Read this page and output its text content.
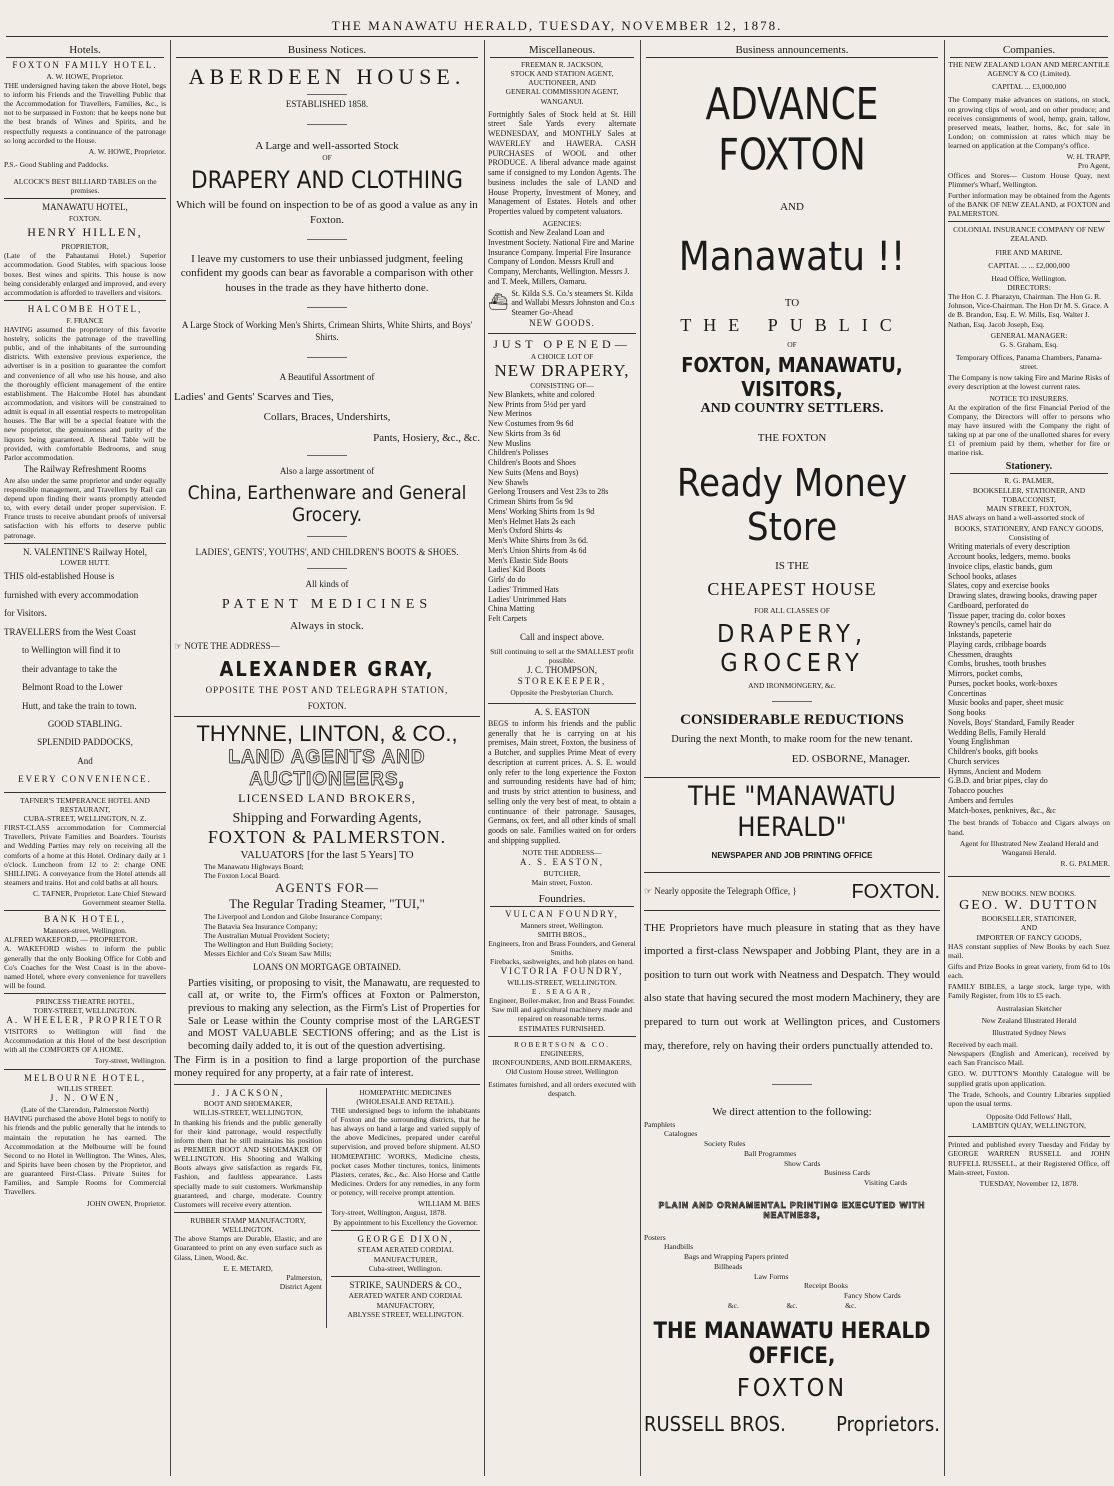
THE MANAWATU HERALD, TUESDAY, NOVEMBER 12, 1878.
Hotels.
FOXTON FAMILY HOTEL.
A. W. HOWE, Proprietor.

THE undersigned having taken the above Hotel, begs to inform his Friends and the Travelling Public that the Accommodation for Travellers, Families, &c., is not to be surpassed in Foxton: that he keeps none but the best brands of Wines and Spirits, and he respectfully requests a continuance of the patronage so long accorded to the House.

A. W. HOWE, Proprietor.
P.S.- Good Stabling and Paddocks.
ALCOCK'S BEST BILLIARD TABLES on the premises.
MANAWATU HOTEL,
FOXTON.
HENRY HILLEN,
PROPRIETOR,

(Late of the Pahautanui Hotel.) Superior accommodation. Good Stables, with spacious loose boxes. Best wines and spirits. This house is now being considerably enlarged and improved, and every accommodation is afforded to travellers and visitors.

HALCOMBE HOTEL,
F. FRANCE

HAVING assumed the proprietory of this favorite hostelry, solicits the patronage of the travelling public, and of the inhabitants of the surrounding districts. With extensive previous experience, the advertiser is in a position to guarantee the comfort and convenience of all who use his house, and also the thoroughly efficient management of the entire establishment. The Halcombe Hotel has abundant accommodation, and visitors will be constrained to admit is equal in all essential respects to metropolitan houses. The Bar will be a special feature with the new proprietor, the genuineness and purity of the liquors being guaranteed. A liberal Table will be provided, with comfortable Bedrooms, and snug Parlor accommodation.

The Railway Refreshment Rooms

Are also under the same proprietor and under equally responsible management, and Travellers by Rail can depend upon finding their wants promptly attended to, with every detail under proper supervision. F. France trusts to receive abundant proofs of universal satisfaction with his efforts to deserve public patronage.

N. VALENTINE'S Railway Hotel,
LOWER HUTT.
THIS old-established House is
furnished with every accommodation
for Visitors.
TRAVELLERS from the West Coast
to Wellington will find it to
their advantage to take the
Belmont Road to the Lower
Hutt, and take the train to town.
GOOD STABLING.
SPLENDID PADDOCKS,
And
EVERY CONVENIENCE.
TAFNER'S TEMPERANCE HOTEL AND RESTAURANT,
CUBA-STREET, WELLINGTON, N. Z.

FIRST-CLASS accommodation for Commercial Travellers, Private Families and Boarders. Tourists and Wedding Parties may rely on receiving all the comforts of a home at this Hotel. Ordinary daily at 1 o'clock. Luncheon from 12 to 2: charge ONE SHILLING. A conveyance from the Hotel attends all steamers and trains. Hot and cold baths at all hours.

C. TAFNER, Proprietor. Late Chief Steward Government steamer Stella.
BANK HOTEL,
Manners-street, Wellington.
ALFRED WAKEFORD, — PROPRIETOR.

A. WAKEFORD wishes to inform the public generally that the only Booking Office for Cobb and Co's Coaches for the West Coast is in the above-named Hotel, where every convenience for travellers will be found.

PRINCESS THEATRE HOTEL,
TORY-STREET, WELLINGTON.
A. WHEELER, PROPRIETOR

VISITORS to Wellington will find the Accommodation at this Hotel of the best description with all the COMFORTS OF A HOME.

Tory-street, Wellington.
MELBOURNE HOTEL,
WILLIS STREET.
J. N. OWEN,
(Late of the Clarendon, Palmerston North)

HAVING purchased the above Hotel begs to notify to his friends and the public generally that he intends to maintain the reputation he has earned. The Accommodation at the Melbourne will be found Second to no Hotel in Wellington. The Wines, Ales, and Spirits have been chosen by the Proprietor, and are guaranteed First-Class. Private Suites for Families, and Sample Rooms for Commercial Travellers.

JOHN OWEN, Proprietor.
Business Notices.
ABERDEEN HOUSE.
ESTABLISHED 1858.
A Large and well-assorted Stock
OF
DRAPERY AND CLOTHING
Which will be found on inspection to be of as good a value as any in Foxton.
I leave my customers to use their unbiassed judgment, feeling confident my goods can bear as favorable a comparison with other houses in the trade as they have hitherto done.
A Large Stock of Working Men's Shirts, Crimean Shirts, White Shirts, and Boys' Shirts.
A Beautiful Assortment of
Ladies' and Gents' Scarves and Ties,
Collars, Braces, Undershirts,
Pants, Hosiery, &c., &c.
Also a large assortment of
China, Earthenware and General Grocery.
LADIES', GENTS', YOUTHS', AND CHILDREN'S BOOTS & SHOES.
All kinds of
PATENT MEDICINES
Always in stock.
☞ NOTE THE ADDRESS—
ALEXANDER GRAY,
OPPOSITE THE POST AND TELEGRAPH STATION,
FOXTON.
THYNNE, LINTON, & CO.,
LAND AGENTS AND AUCTIONEERS,
LICENSED LAND BROKERS,
Shipping and Forwarding Agents,
FOXTON & PALMERSTON.
VALUATORS [for the last 5 Years] TO
The Manawatu Highways Board;
The Foxton Local Board.
AGENTS FOR—
The Regular Trading Steamer, "TUI,"
The Liverpool and London and Globe Insurance Company;
The Batavia Sea Insurance Company;
The Australian Mutual Provident Society;
The Wellington and Hutt Building Society;
Messrs Eichler and Co's Steam Saw Mills;
LOANS ON MORTGAGE OBTAINED.

Parties visiting, or proposing to visit, the Manawatu, are requested to call at, or write to, the Firm's offices at Foxton or Palmerston, previous to making any selection, as the Firm's List of Properties for Sale or Lease within the County comprise most of the LARGEST and MOST VALUABLE SECTIONS offering; and as the List is becoming daily added to, it is out of the question advertising.

The Firm is in a position to find a large proportion of the purchase money required for any property, at a fair rate of interest.

J. JACKSON,
BOOT AND SHOEMAKER,
WILLIS-STREET, WELLINGTON,

In thanking his friends and the public generally for their kind patronage, would respectfully inform them that he still maintains his position as PREMIER BOOT AND SHOEMAKER OF WELLINGTON. His Shooting and Walking Boots always give satisfaction as regards Fit, Fashion, and faultless appearance. Lasts specially made to suit customers. Workmanship guaranteed, and charge, moderate. Country Customers will receive every attention.

RUBBER STAMP MANUFACTORY,
WELLINGTON.

The above Stamps are Durable, Elastic, and are Guaranteed to print on any even surface such as Glass, Linen, Wood, &c.

E. E. METARD,
Palmerston,
District Agent
HOMŒPATHIC MEDICINES
(WHOLESALE AND RETAIL).

THE undersigned begs to inform the inhabitants of Foxton and the surrounding districts, that he has always on hand a large and varied supply of the above Medicines, prepared under careful supervision, and proved before shipment. ALSO HOMŒPATHIC WORKS, Medicine chests, pocket cases Mother tinctures, tonics, liniments Plasters, cerates, &c., &c. Also Horse and Cattle Medicines. Orders for any remedies, in any form or potency, will receive prompt attention.

WILLIAM M. BIES
Tory-street, Wellington, August, 1878.
By appointment to his Excellency the Governor.
GEORGE DIXON,
STEAM AERATED CORDIAL MANUFACTURER,
Cuba-street, Wellington.
STRIKE, SAUNDERS & CO.,
AERATED WATER AND CORDIAL MANUFACTORY,
ABLYSSE STREET, WELLINGTON.
Miscellaneous.
FREEMAN R. JACKSON,
STOCK AND STATION AGENT,
AUCTIONEER, AND
GENERAL COMMISSION AGENT,
WANGANUI.

Fortnightly Sales of Stock held at St. Hill street Sale Yards every alternate WEDNESDAY, and MONTHLY Sales at WAVERLEY and HAWERA. CASH PURCHASES of WOOL and other PRODUCE. A liberal advance made against same if consigned to my London Agents. The business includes the sale of LAND and House Property, Investment of Money, and Management of Estates. Hotels and other Properties valued by competent valuators.

AGENCIES:

Scottish and New Zealand Loan and Investment Society. National Fire and Marine Insurance Company. Imperial Fire Insurance Company of London. Messrs Krull and Company, Merchants, Wellington. Messrs J. and T. Meek, Millers, Oamaru.

⛴
St. Kilda S.S. Co.'s steamers St. Kilda and Wallabi Messrs Johnston and Co.s Steamer Go-Ahead
NEW GOODS.
JUST OPENED—
A CHOICE LOT OF
NEW DRAPERY,
CONSISTING OF—
New Blankets, white and colored
New Prints from 5½d per yard
New Merinos
New Costumes from 9s 6d
New Skirts from 3s 6d
New Muslins
Children's Polisses
Children's Boots and Shoes
New Suits (Mens and Boys)
New Shawls
Geelong Trousers and Vest 23s to 28s
Crimean Shirts from 5s 9d
Mens' Working Shirts from 1s 9d
Men's Helmet Hats 2s each
Men's Oxford Shirts 4s
Men's White Shirts from 3s 6d.
Men's Union Shirts from 4s 6d
Men's Elastic Side Boots
Ladies' Kid Boots
Girls' do do
Ladies' Trimmed Hats
Ladies' Untrimmed Hats
China Matting
Felt Carpets
Call and inspect above.
Still continuing to sell at the SMALLEST profit possible.
J. C. THOMPSON,
STOREKEEPER,
Opposite the Presbyterian Church.
A. S. EASTON

BEGS to inform his friends and the public generally that he is carrying on at his premises, Main street, Foxton, the business of a Butcher, and supplies Prime Meat of every description at current prices. A. S. E. would only refer to the long experience the Foxton and surrounding residents have had of him; and trusts by strict attention to business, and selling only the very best of meat, to obtain a continuance of their patronage. Sausages, Germans, ox feet, and all other kinds of small goods on sale. Families waited on for orders and shipping supplied.

NOTE THE ADDRESS—
A. S. EASTON,
BUTCHER,
Main street, Foxton.
Foundries.
VULCAN FOUNDRY,
Manners street, Wellington.
SMITH BROS.,
Engineers, Iron and Brass Founders, and General Smiths.
Firebacks, sashweights, and hob plates on hand.
VICTORIA FOUNDRY,
WILLIS-STREET, WELLINGTON.
E. SEAGAR,
Engineer, Boiler-maker, Iron and Brass Founder.
Saw mill and agricultural machinery made and repaired on reasonable terms.
ESTIMATES FURNISHED.
ROBERTSON & CO.
ENGINEERS,
IRONFOUNDERS, AND BOILERMAKERS,
Old Custom House street, Wellington
Estimates furnished, and all orders executed with despatch.
Business announcements.
ADVANCE FOXTON
AND
Manawatu !!
TO
THE PUBLIC
OF
FOXTON, MANAWATU, VISITORS,
AND COUNTRY SETTLERS.
THE FOXTON
Ready Money Store
IS THE
CHEAPEST HOUSE
FOR ALL CLASSES OF
DRAPERY, GROCERY
AND IRONMONGERY, &c.
CONSIDERABLE REDUCTIONS
During the next Month, to make room for the new tenant.
ED. OSBORNE, Manager.
THE "MANAWATU HERALD"
NEWSPAPER AND JOB PRINTING OFFICE
☞ Nearly opposite the Telegraph Office, }	FOXTON.

THE Proprietors have much pleasure in stating that as they have imported a first-class Newspaper and Jobbing Plant, they are in a position to turn out work with Neatness and Despatch. They would also state that having secured the most modern Machinery, they are prepared to turn out work at Wellington prices, and Customers may, therefore, rely on having their orders punctually attended to.

We direct attention to the following:
Pamphlets
Catalogues
Society Rules
Ball Programmes
Show Cards
Business Cards
Visiting Cards
PLAIN AND ORNAMENTAL PRINTING EXECUTED WITH NEATNESS,
Posters
Handbills
Bags and Wrapping Papers printed
Billheads
Law Forms
Receipt Books
Fancy Show Cards
&c.	&c.	&c.
THE MANAWATU HERALD OFFICE,
FOXTON
RUSSELL BROS.	Proprietors.
Companies.
THE NEW ZEALAND LOAN AND MERCANTILE AGENCY & CO (Limited).
CAPITAL ... £3,000,000

The Company make advances on stations, on stock, on growing clips of wool, and on other produce; and receives consignments of wool, hemp, grain, tallow, preserved meats, leather, horns, &c, for sale in London; on commission at rates which may be learned on application at the Company's office.

W. H. TRAPP,
Pro Agent,

Offices and Stores— Custom House Quay, next Plimmer's Wharf, Wellington.

Further information may be obtained from the Agents of the BANK OF NEW ZEALAND, at FOXTON and PALMERSTON.

COLONIAL INSURANCE COMPANY OF NEW ZEALAND.
FIRE AND MARINE.
CAPITAL ... ... £2,000,000
Head Office, Wellington.
DIRECTORS:

The Hon C. J. Pharazyn, Chairman. The Hon G. R. Johnson, Vice-Chairman. The Hon Dr M. S. Grace. A de B. Brandon, Esq. E. W. Mills, Esq. Walter J. Nathan, Esq. Jacob Joseph, Esq.

GENERAL MANAGER:
G. S. Graham, Esq.

Temporary Offices, Panama Chambers, Panama-street.

The Company is now taking Fire and Marine Risks of every description at the lowest current rates.

NOTICE TO INSURERS.

At the expiration of the first Financial Period of the Company, the Directors will offer to persons who may have insured with the Company the right of taking up at par one of the unallotted shares for every £1 of premium paid by them, whether for fire or marine risk.

Stationery.
R. G. PALMER,
BOOKSELLER, STATIONER, AND TOBACCONIST,
MAIN STREET, FOXTON,

HAS always on hand a well-assorted stock of

BOOKS, STATIONERY, AND FANCY GOODS,
Consisting of
Writing materials of every description
Account books, ledgers, memo. books
Invoice clips, elastic bands, gum
School books, atlases
Slates, copy and exercise books
Drawing slates, drawing books, drawing paper
Cardboard, perforated do
Tissue paper, tracing do. color boxes
Rowney's pencils, camel hair do
Inkstands, papeterie
Playing cards, cribbage boards
Chessmen, draughts
Combs, brushes, tooth brushes
Mirrors, pocket combs,
Purses, pocket books, work-boxes
Concertinas
Music books and paper, sheet music
Song books
Novels, Boys' Standard, Family Reader
Wedding Bells, Family Herald
Young Englishman
Children's books, gift books
Church services
Hymns, Ancient and Modern
G.B.D. and briar pipes, clay do
Tobacco pouches
Ambers and ferrules
Match-boxes, penknives, &c., &c

The best brands of Tobacco and Cigars always on hand.

Agent for Illustrated New Zealand Herald and Wanganui Herald.

R. G. PALMER.
NEW BOOKS. NEW BOOKS.
GEO. W. DUTTON
BOOKSELLER, STATIONER,
AND
IMPORTER OF FANCY GOODS,

HAS constant supplies of New Books by each Suez mail.

Gifts and Prize Books in great variety, from 6d to 10s each.

FAMILY BIBLES, a large stock, large type, with Family Register, from 10s to £5 each.

Australasian Sketcher
New Zealand Illustrated Herald
Illustrated Sydney News
Received by each mail.

Newspapers (English and American), received by each San Francisco Mail.

GEO. W. DUTTON'S Monthly Catalogue will be supplied gratis upon application.

The Trade, Schools, and Country Libraries supplied upon the usual terms.

Opposite Odd Fellows' Hall,
LAMBTON QUAY, WELLINGTON,

Printed and published every Tuesday and Friday by GEORGE WARREN RUSSELL and JOHN RUFFELL RUSSELL, at their Registered Office, off Main-street, Foxton.

TUESDAY, November 12, 1878.
